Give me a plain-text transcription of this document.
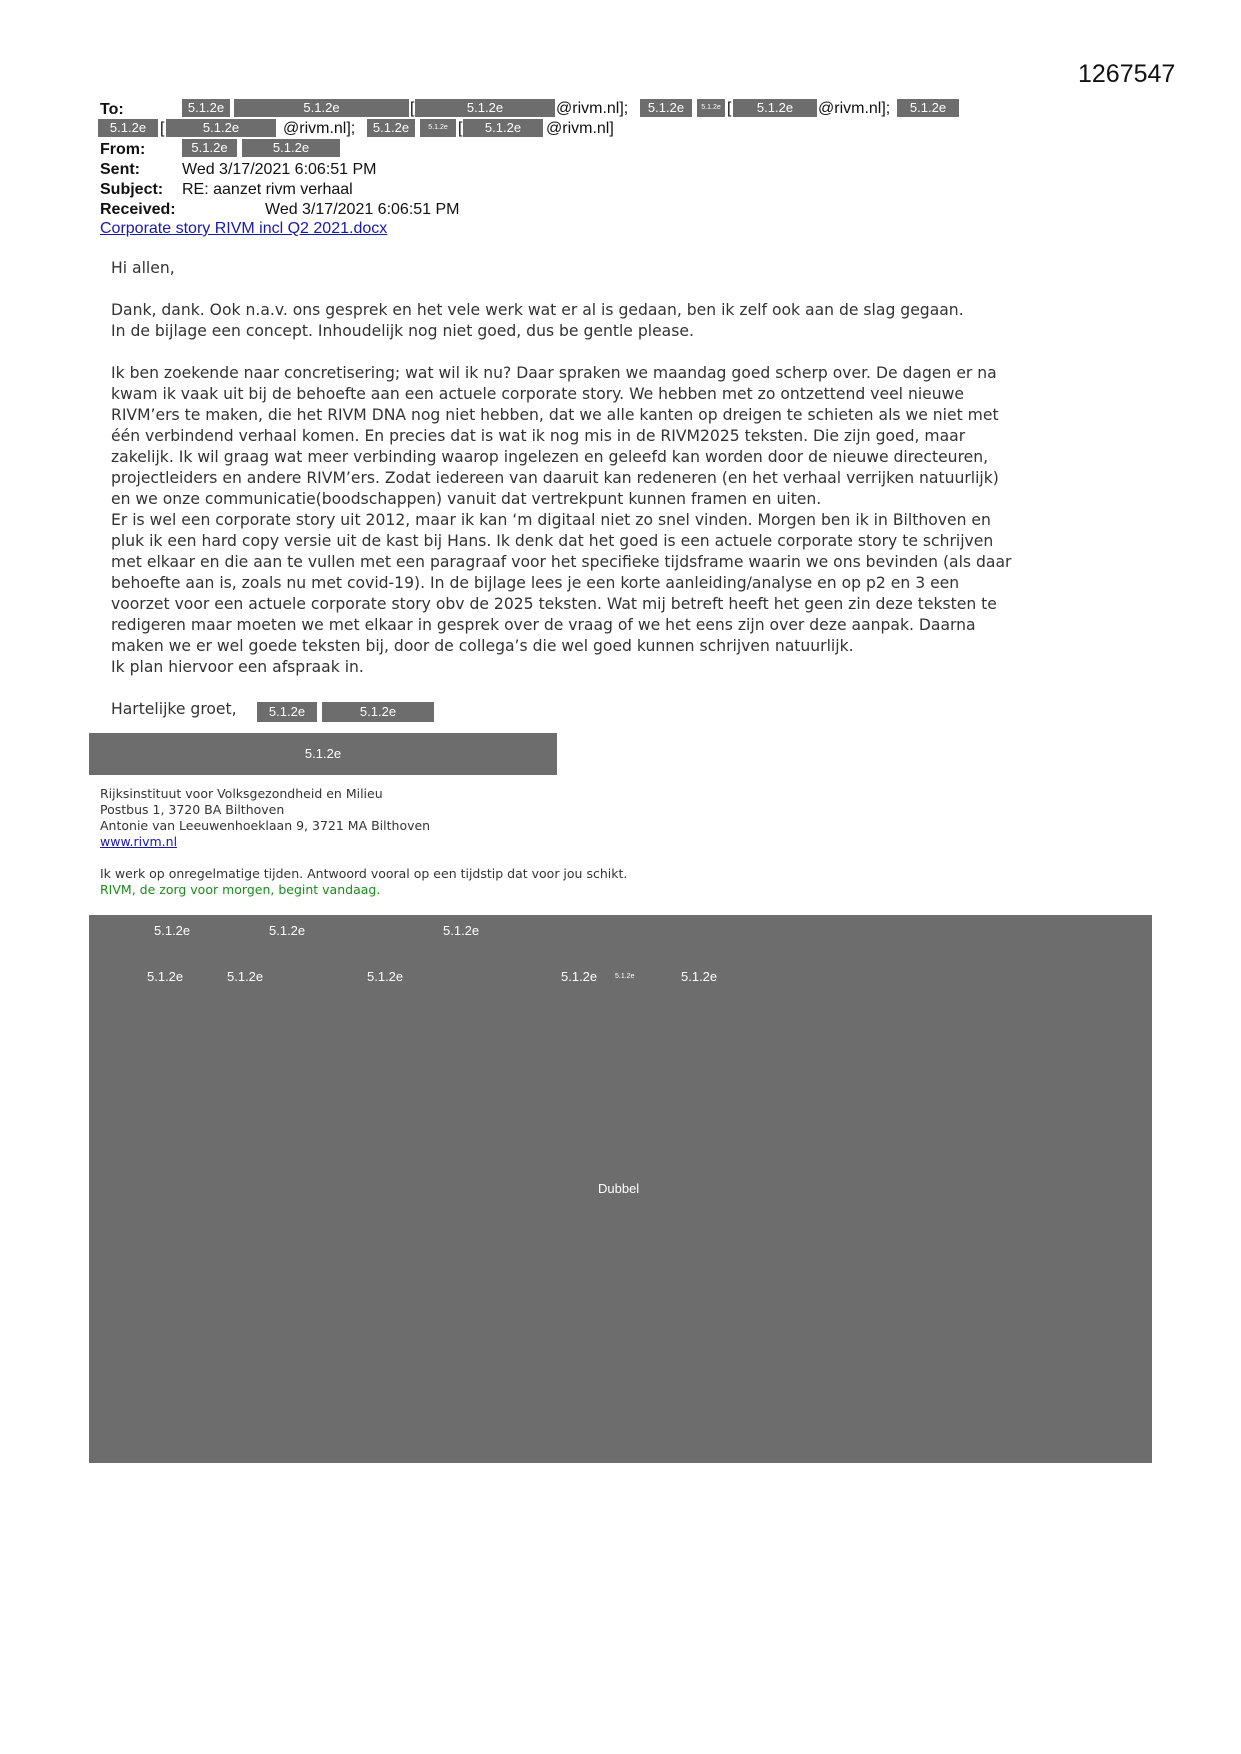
1267547
To:	5.1.2e	5.1.2e	[	5.1.2e	@rivm.nl];	5.1.2e	5.1.2e [	5.1.2e	@rivm.nl];	5.1.2e
5.1.2e [	5.1.2e	@rivm.nl];	5.1.2e	5.1.2e [	5.1.2e	@rivm.nl]
From:	5.1.2e	5.1.2e
Sent:	Wed 3/17/2021 6:06:51 PM
Subject: RE: aanzet rivm verhaal
Received:	Wed 3/17/2021 6:06:51 PM
Corporate story RIVM incl Q2 2021.docx

Hi allen,

Dank, dank. Ook n.a.v. ons gesprek en het vele werk wat er al is gedaan, ben ik zelf ook aan de slag gegaan.

In de bijlage een concept. Inhoudelijk nog niet goed, dus be gentle please.

Ik ben zoekende naar concretisering; wat wil ik nu? Daar spraken we maandag goed scherp over. De dagen er na

kwam ik vaak uit bij de behoefte aan een actuele corporate story. We hebben met zo ontzettend veel nieuwe

RIVM’ers te maken, die het RIVM DNA nog niet hebben, dat we alle kanten op dreigen te schieten als we niet met

één verbindend verhaal komen. En precies dat is wat ik nog mis in de RIVM2025 teksten. Die zijn goed, maar

zakelijk. Ik wil graag wat meer verbinding waarop ingelezen en geleefd kan worden door de nieuwe directeuren,

projectleiders en andere RIVM’ers. Zodat iedereen van daaruit kan redeneren (en het verhaal verrijken natuurlijk)

en we onze communicatie(boodschappen) vanuit dat vertrekpunt kunnen framen en uiten.

Er is wel een corporate story uit 2012, maar ik kan ‘m digitaal niet zo snel vinden. Morgen ben ik in Bilthoven en

pluk ik een hard copy versie uit de kast bij Hans. Ik denk dat het goed is een actuele corporate story te schrijven

met elkaar en die aan te vullen met een paragraaf voor het specifieke tijdsframe waarin we ons bevinden (als daar

behoefte aan is, zoals nu met covid-19). In de bijlage lees je een korte aanleiding/analyse en op p2 en 3 een

voorzet voor een actuele corporate story obv de 2025 teksten. Wat mij betreft heeft het geen zin deze teksten te

redigeren maar moeten we met elkaar in gesprek over de vraag of we het eens zijn over deze aanpak. Daarna

maken we er wel goede teksten bij, door de collega’s die wel goed kunnen schrijven natuurlijk.

Ik plan hiervoor een afspraak in.

Hartelijke groet,	5.1.2e	5.1.2e
5.1.2e
Rijksinstituut voor Volksgezondheid en Milieu
Postbus 1, 3720 BA Bilthoven
Antonie van Leeuwenhoeklaan 9, 3721 MA Bilthoven
www.rivm.nl
Ik werk op onregelmatige tijden. Antwoord vooral op een tijdstip dat voor jou schikt.
RIVM, de zorg voor morgen, begint vandaag.
5.1.2e	5.1.2e	5.1.2e
5.1.2e	5.1.2e	5.1.2e	5.1.2e	5.1.2e	5.1.2e
Dubbel
